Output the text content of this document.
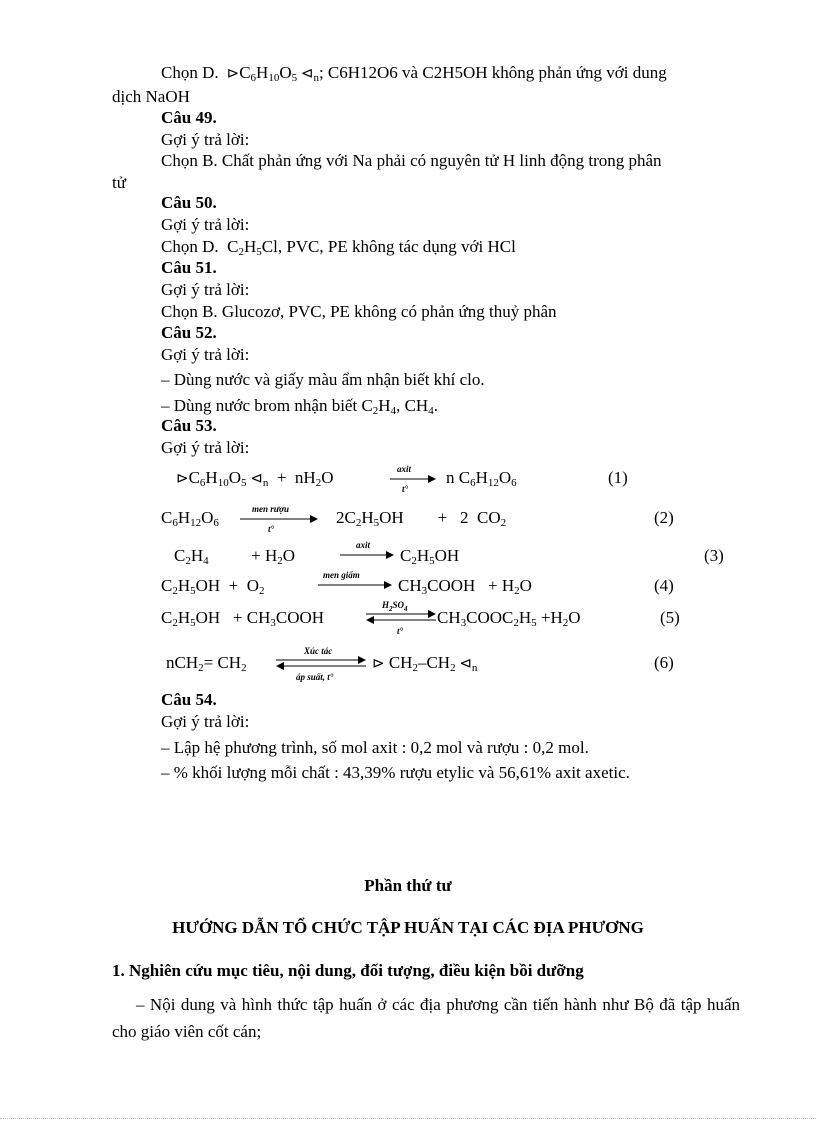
Chọn D.  $⊳C_6H_{10}O_5$ $⊲_n$; C6H12O6 và C2H5OH không phản ứng với dung
dịch NaOH
Câu 49.
Gợi ý trả lời:
Chọn B. Chất phản ứng với Na phải có nguyên tử H linh động trong phân
tử
Câu 50.
Gợi ý trả lời:
Chọn D.  $C_2H_5Cl$, PVC, PE không tác dụng với HCl
Câu 51.
Gợi ý trả lời:
Chọn B. Glucozơ, PVC, PE không có phản ứng thuỷ phân
Câu 52.
Gợi ý trả lời:
– Dùng nước và giấy màu ẩm nhận biết khí clo.
– Dùng nước brom nhận biết $C_2H_4$, $CH_4$.
Câu 53.
Gợi ý trả lời:
$⊳C_6H_{10}O_5$ $⊲_n + nH_2O$	axit
t°
n $C_6H_{12}O_6$	(1)
$C_6H_{12}O_6$
men rượu
t°
$2C_2H_5OH$        +   2  $CO_2$	(2)
$C_2H_4$          + $H_2O$
axit
$C_2H_5OH$	(3)
$C_2H_5OH + O_2$
men giấm
$CH_3COOH + H_2O$	(4)
$C_2H_5OH$   + $CH_3COOH$
$H_2SO_4$
t°
$CH_3COOC_2H_5 +H_2O$	(5)
$nCH_2= CH_2$
Xúc tác
áp suất, t°
⊳ $CH_2-CH_2$ $⊲_n$	(6)
Câu 54.
Gợi ý trả lời:
– Lập hệ phương trình, số mol axit : 0,2 mol và rượu : 0,2 mol.
– % khối lượng mỗi chất : 43,39% rượu etylic và 56,61% axit axetic.
Phần thứ tư
HƯỚNG DẪN TỔ CHỨC TẬP HUẤN TẠI CÁC ĐỊA PHƯƠNG
1. Nghiên cứu mục tiêu, nội dung, đối tượng, điều kiện bồi dưỡng
– Nội dung và hình thức tập huấn ở các địa phương cần tiến hành như Bộ đã tập huấn cho giáo viên cốt cán;
